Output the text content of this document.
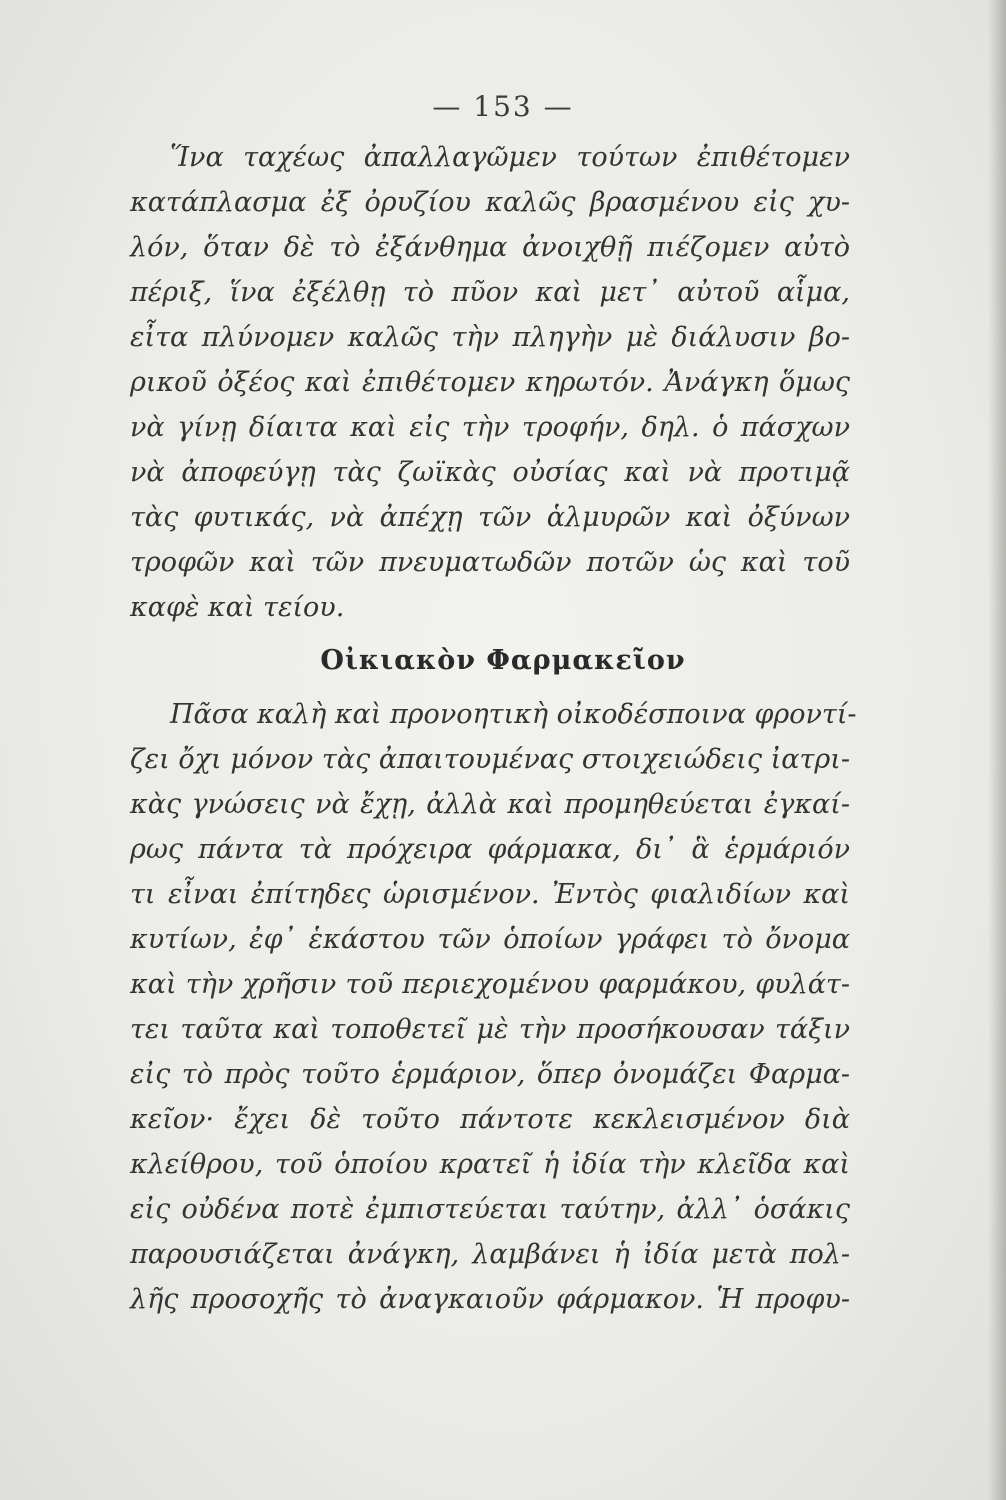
— 153 —
Ἵνα ταχέως ἀπαλλαγῶμεν τούτων ἐπιθέτομεν
κατάπλασμα ἐξ ὀρυζίου καλῶς βρασμένου εἰς χυ-
λόν, ὅταν δὲ τὸ ἐξάνθημα ἀνοιχθῇ πιέζομεν αὐτὸ
πέριξ, ἵνα ἐξέλθῃ τὸ πῦον καὶ μετ᾽ αὐτοῦ αἷμα,
εἶτα πλύνομεν καλῶς τὴν πληγὴν μὲ διάλυσιν βο-
ρικοῦ ὀξέος καὶ ἐπιθέτομεν κηρωτόν. Ἀνάγκη ὅμως
νὰ γίνῃ δίαιτα καὶ εἰς τὴν τροφήν, δηλ. ὁ πάσχων
νὰ ἀποφεύγῃ τὰς ζωϊκὰς οὐσίας καὶ νὰ προτιμᾷ
τὰς φυτικάς, νὰ ἀπέχῃ τῶν ἁλμυρῶν καὶ ὀξύνων
τροφῶν καὶ τῶν πνευματωδῶν ποτῶν ὡς καὶ τοῦ
καφὲ καὶ τείου.
Οἰκιακὸν Φαρμακεῖον
Πᾶσα καλὴ καὶ προνοητικὴ οἰκοδέσποινα φροντί-
ζει ὄχι μόνον τὰς ἀπαιτουμένας στοιχειώδεις ἰατρι-
κὰς γνώσεις νὰ ἔχῃ, ἀλλὰ καὶ προμηθεύεται ἐγκαί-
ρως πάντα τὰ πρόχειρα φάρμακα, δι᾽ ἃ ἑρμάριόν
τι εἶναι ἐπίτηδες ὡρισμένον. Ἐντὸς φιαλιδίων καὶ
κυτίων, ἐφ᾽ ἑκάστου τῶν ὁποίων γράφει τὸ ὄνομα
καὶ τὴν χρῆσιν τοῦ περιεχομένου φαρμάκου, φυλάτ-
τει ταῦτα καὶ τοποθετεῖ μὲ τὴν προσήκουσαν τάξιν
εἰς τὸ πρὸς τοῦτο ἑρμάριον, ὅπερ ὀνομάζει Φαρμα-
κεῖον· ἔχει δὲ τοῦτο πάντοτε κεκλεισμένον διὰ
κλείθρου, τοῦ ὁποίου κρατεῖ ἡ ἰδία τὴν κλεῖδα καὶ
εἰς οὐδένα ποτὲ ἐμπιστεύεται ταύτην, ἀλλ᾽ ὁσάκις
παρουσιάζεται ἀνάγκη, λαμβάνει ἡ ἰδία μετὰ πολ-
λῆς προσοχῆς τὸ ἀναγκαιοῦν φάρμακον. Ἡ προφυ-
